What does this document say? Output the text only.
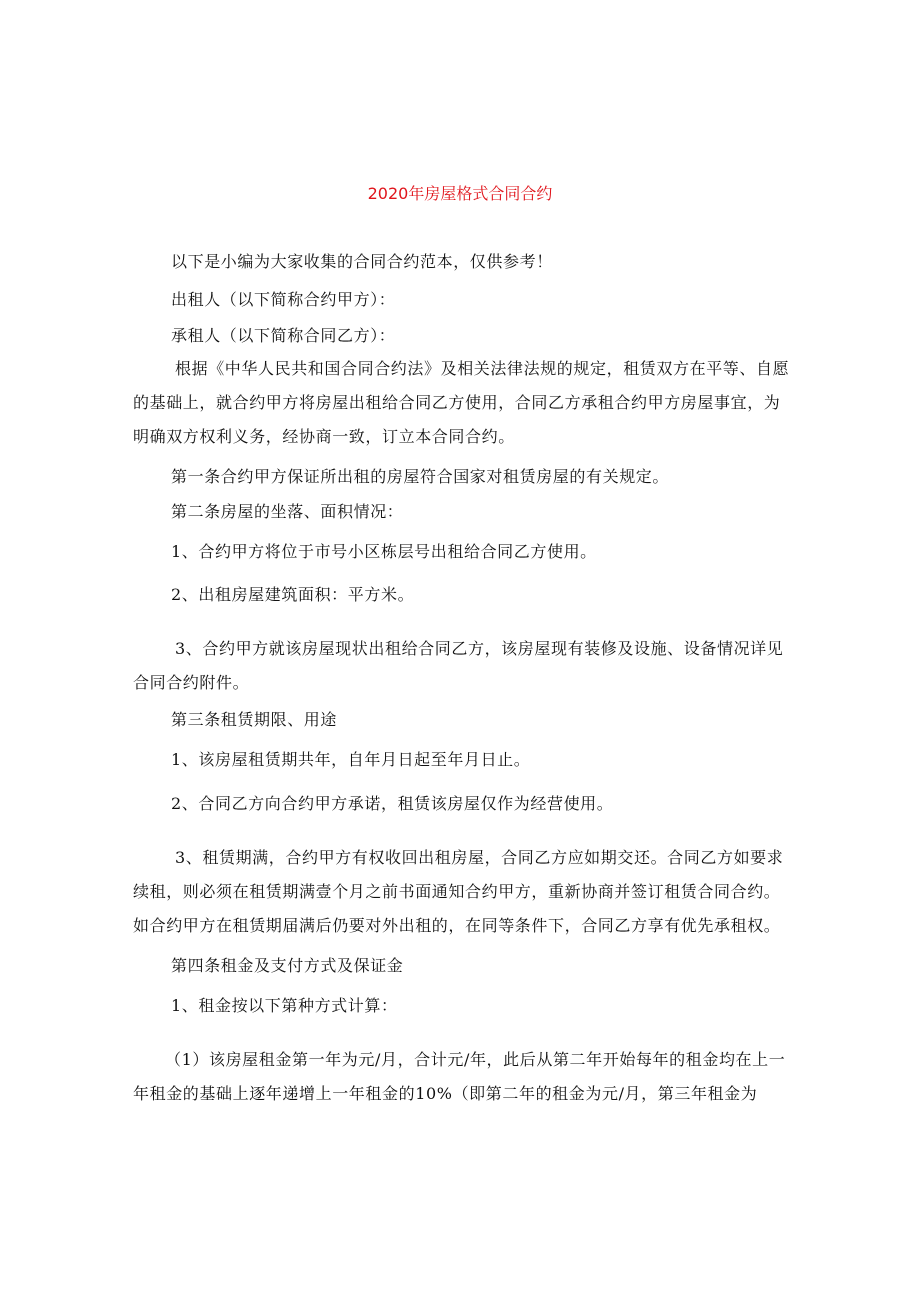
2020年房屋格式合同合约

以下是小编为大家收集的合同合约范本，仅供参考！

出租人（以下简称合约甲方）：

承租人（以下简称合同乙方）：

根据《中华人民共和国合同合约法》及相关法律法规的规定，租赁双方在平等、自愿的基础上，就合约甲方将房屋出租给合同乙方使用，合同乙方承租合约甲方房屋事宜，为明确双方权利义务，经协商一致，订立本合同合约。

第一条合约甲方保证所出租的房屋符合国家对租赁房屋的有关规定。

第二条房屋的坐落、面积情况：

1、合约甲方将位于市号小区栋层号出租给合同乙方使用。

2、出租房屋建筑面积：平方米。

3、合约甲方就该房屋现状出租给合同乙方，该房屋现有装修及设施、设备情况详见合同合约附件。

第三条租赁期限、用途

1、该房屋租赁期共年，自年月日起至年月日止。

2、合同乙方向合约甲方承诺，租赁该房屋仅作为经营使用。

3、租赁期满，合约甲方有权收回出租房屋，合同乙方应如期交还。合同乙方如要求续租，则必须在租赁期满壹个月之前书面通知合约甲方，重新协商并签订租赁合同合约。如合约甲方在租赁期届满后仍要对外出租的，在同等条件下，合同乙方享有优先承租权。

第四条租金及支付方式及保证金

1、租金按以下第种方式计算：

（1）该房屋租金第一年为元/月，合计元/年，此后从第二年开始每年的租金均在上一年租金的基础上逐年递增上一年租金的10%（即第二年的租金为元/月，第三年租金为
